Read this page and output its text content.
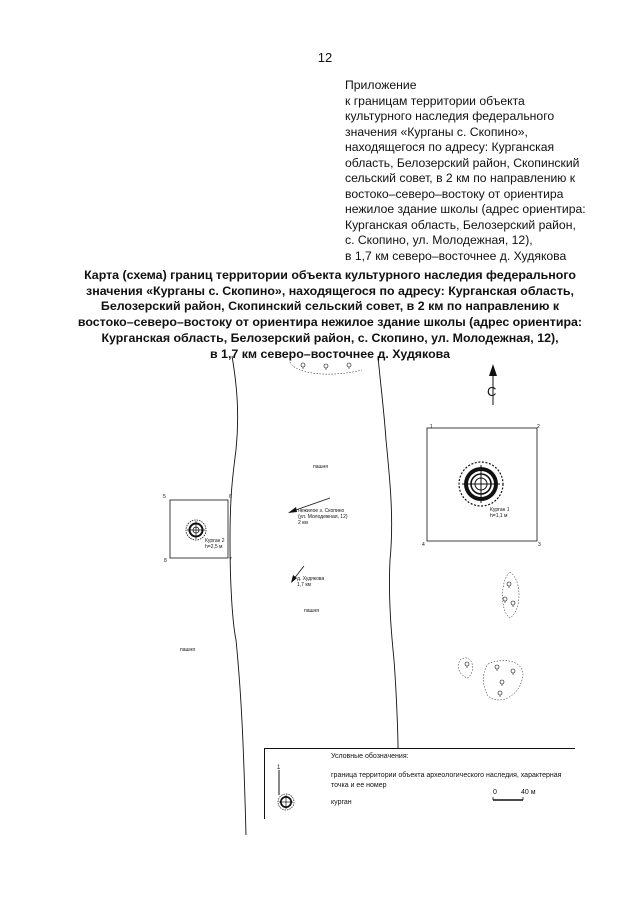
12
Приложение
к границам территории объекта
культурного наследия федерального
значения «Курганы с. Скопино»,
находящегося по адресу: Курганская
область, Белозерский район, Скопинский
сельский совет, в 2 км по направлению к
востоко–северо–востоку от ориентира
нежилое здание школы (адрес ориентира:
Курганская область, Белозерский район,
с. Скопино, ул. Молодежная, 12),
в 1,7 км северо–восточнее д. Худякова
Карта (схема) границ территории объекта культурного наследия федерального
значения «Курганы с. Скопино», находящегося по адресу: Курганская область,
Белозерский район, Скопинский сельский совет, в 2 км по направлению к
востоко–северо–востоку от ориентира нежилое здание школы (адрес ориентира:
Курганская область, Белозерский район, с. Скопино, ул. Молодежная, 12),
в 1,7 км северо–восточнее д. Худякова
С
1	2
3
4
Курган 1
h=1,1 м
5	6
7
8
Курган 2
h=2,5 м
нежилое з. Скопино
(ул. Молодежная, 12)
2 км
д. Худякова
1,7 км
пашня
пашня
пашня
Условные обозначения:
1
граница территории объекта археологического наследия, характерная точка и ее номер
курган
0	40 м
